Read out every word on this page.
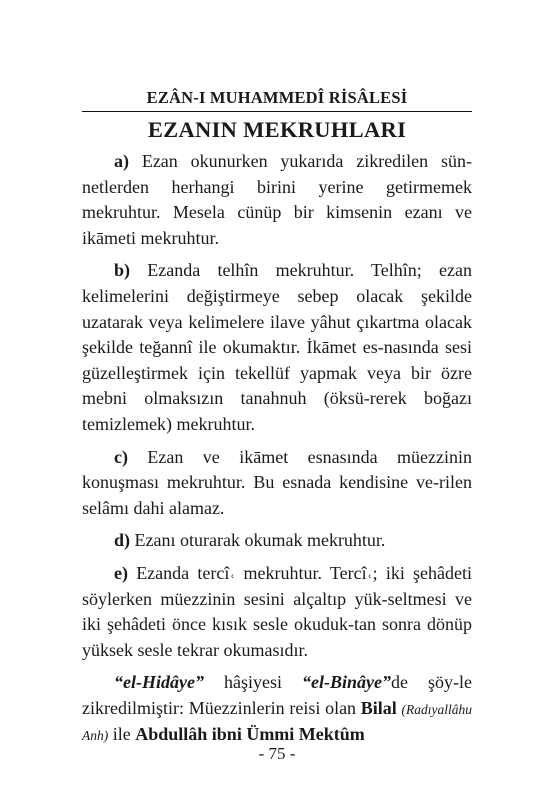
EZÂN-I MUHAMMEDÎ RİSÂLESİ
EZANIN MEKRUHLARI

a) Ezan okunurken yukarıda zikredilen sün-netlerden herhangi birini yerine getirmemek mekruhtur. Mesela cünüp bir kimsenin ezanı ve ikāmeti mekruhtur.

b) Ezanda telhîn mekruhtur. Telhîn; ezan kelimelerini değiştirmeye sebep olacak şekilde uzatarak veya kelimelere ilave yâhut çıkartma olacak şekilde teğannî ile okumaktır. İkāmet es-nasında sesi güzelleştirmek için tekellüf yapmak veya bir özre mebni olmaksızın tanahnuh (öksü-rerek boğazı temizlemek) mekruhtur.

c) Ezan ve ikāmet esnasında müezzinin konuşması mekruhtur. Bu esnada kendisine ve-rilen selâmı dahi alamaz.

d) Ezanı oturarak okumak mekruhtur.

e) Ezanda tercî˓ mekruhtur. Tercî˓; iki şehâdeti söylerken müezzinin sesini alçaltıp yük-seltmesi ve iki şehâdeti önce kısık sesle okuduk-tan sonra dönüp yüksek sesle tekrar okumasıdır.

“el-Hidâye” hâşiyesi “el-Binâye”de şöy-le zikredilmiştir: Müezzinlerin reisi olan Bilal (Radıyallâhu Anh) ile Abdullâh ibni Ümmi Mektûm

- 75 -
